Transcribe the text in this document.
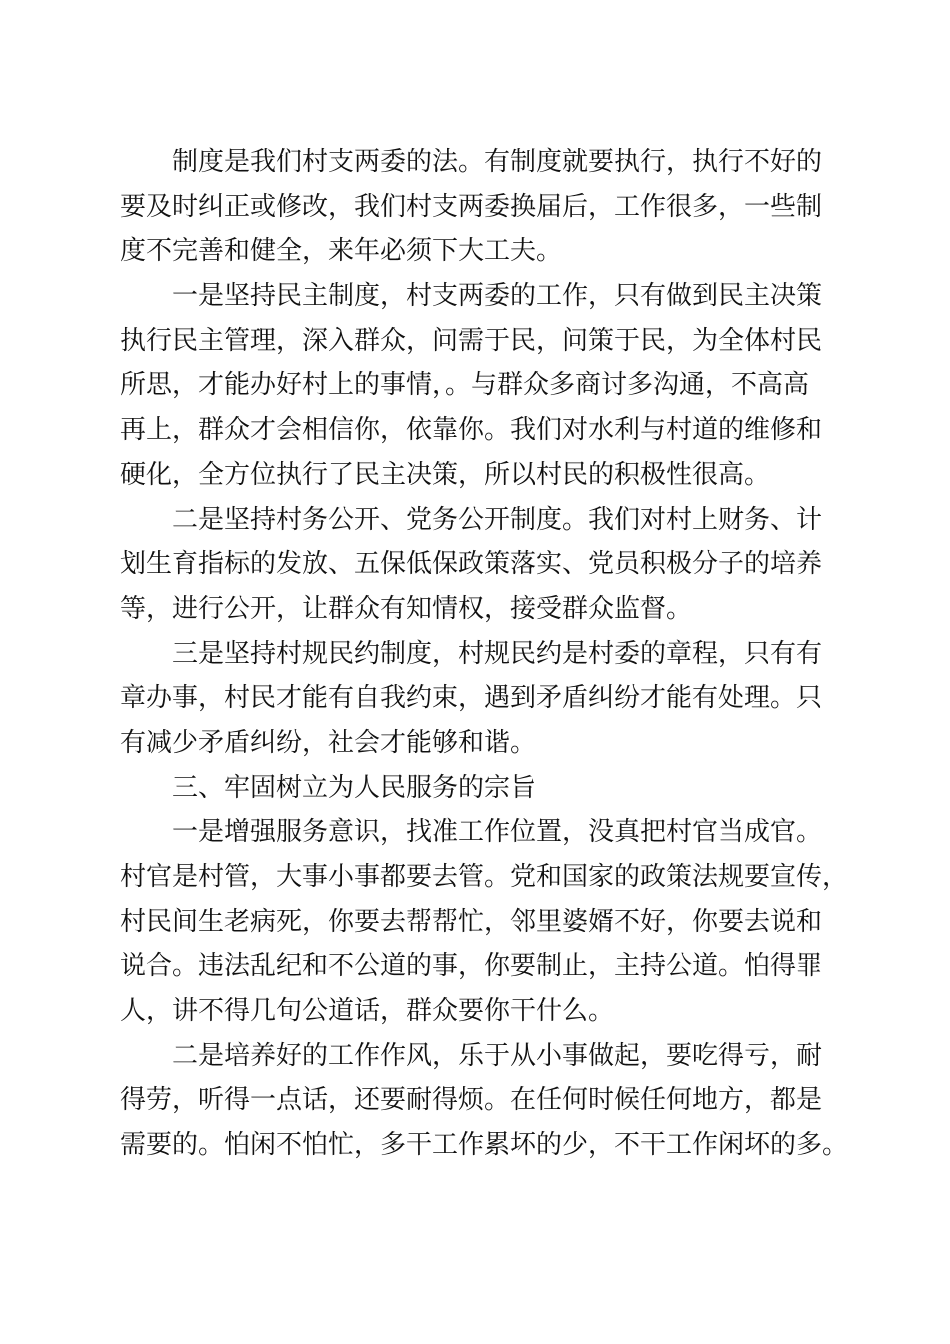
制度是我们村支两委的法。有制度就要执行，执行不好的
要及时纠正或修改，我们村支两委换届后，工作很多，一些制
度不完善和健全，来年必须下大工夫。
一是坚持民主制度，村支两委的工作，只有做到民主决策
执行民主管理，深入群众，问需于民，问策于民，为全体村民
所思，才能办好村上的事情，。与群众多商讨多沟通，不高高
再上，群众才会相信你，依靠你。我们对水利与村道的维修和
硬化，全方位执行了民主决策，所以村民的积极性很高。
二是坚持村务公开、党务公开制度。我们对村上财务、计
划生育指标的发放、五保低保政策落实、党员积极分子的培养
等，进行公开，让群众有知情权，接受群众监督。
三是坚持村规民约制度，村规民约是村委的章程，只有有
章办事，村民才能有自我约束，遇到矛盾纠纷才能有处理。只
有减少矛盾纠纷，社会才能够和谐。
三、牢固树立为人民服务的宗旨
一是增强服务意识，找准工作位置，没真把村官当成官。
村官是村管，大事小事都要去管。党和国家的政策法规要宣传，
村民间生老病死，你要去帮帮忙，邻里婆婿不好，你要去说和
说合。违法乱纪和不公道的事，你要制止，主持公道。怕得罪
人，讲不得几句公道话，群众要你干什么。
二是培养好的工作作风，乐于从小事做起，要吃得亏，耐
得劳，听得一点话，还要耐得烦。在任何时候任何地方，都是
需要的。怕闲不怕忙，多干工作累坏的少，不干工作闲坏的多。
